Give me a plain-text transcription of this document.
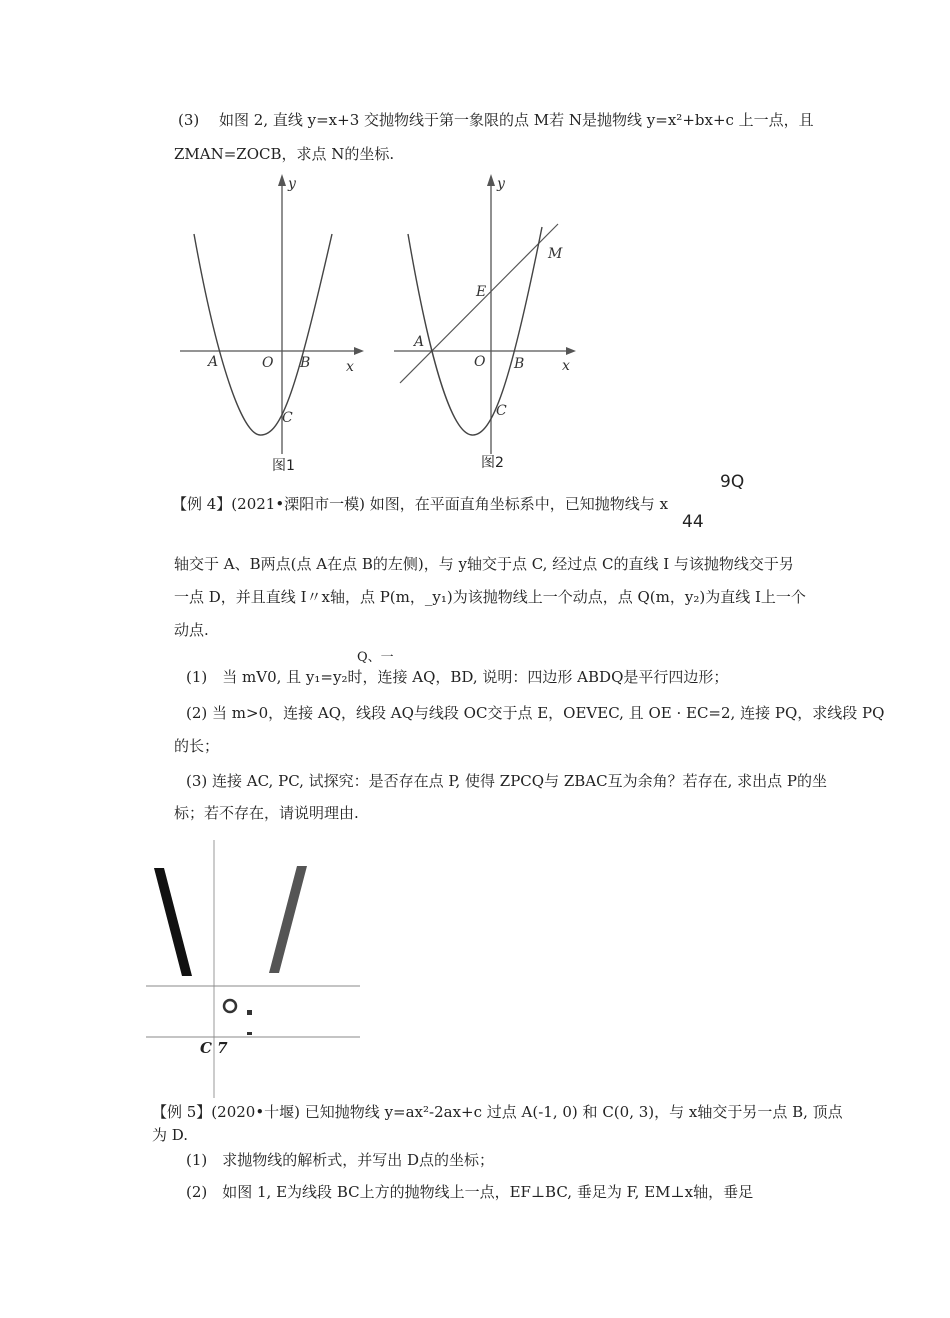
(3)　 如图 2, 直线 y=x+3 交抛物线于第一象限的点 M若 N是抛物线 y=x²+bx+c 上一点，且
ZMAN=ZOCB，求点 N的坐标.
y
x
A	O B
C
图1
y
x
A
O B
C
E
M
图2
9Q
44
【例 4】(2021•溧阳市一模) 如图，在平面直角坐标系中，已知抛物线与 x
轴交于 A、B两点(点 A在点 B的左侧)，与 y轴交于点 C, 经过点 C的直线 I 与该抛物线交于另
一点 D，并且直线 I〃x轴，点 P(m，_y₁)为该抛物线上一个动点，点 Q(m，y₂)为直线 I上一个
动点.
Q、一
(1)　当 mV0, 且 y₁=y₂时，连接 AQ，BD, 说明：四边形 ABDQ是平行四边形；
(2) 当 m>0，连接 AQ，线段 AQ与线段 OC交于点 E，OEVEC, 且 OE · EC=2, 连接 PQ，求线段 PQ
的长；
(3) 连接 AC, PC, 试探究：是否存在点 P, 使得 ZPCQ与 ZBAC互为余角？若存在, 求出点 P的坐
标；若不存在，请说明理由.
C 7
【例 5】(2020•十堰) 已知抛物线 y=ax²-2ax+c 过点 A(-1, 0) 和 C(0, 3)，与 x轴交于另一点 B, 顶点
为 D.
(1)　求抛物线的解析式，并写出 D点的坐标；
(2)　如图 1, E为线段 BC上方的抛物线上一点，EF⊥BC, 垂足为 F, EM⊥x轴，垂足
